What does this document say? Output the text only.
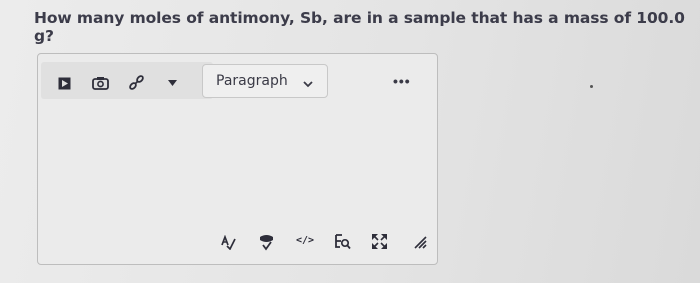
How many moles of antimony, Sb, are in a sample that has a mass of 100.0 g?
Paragraph	•••
</>
